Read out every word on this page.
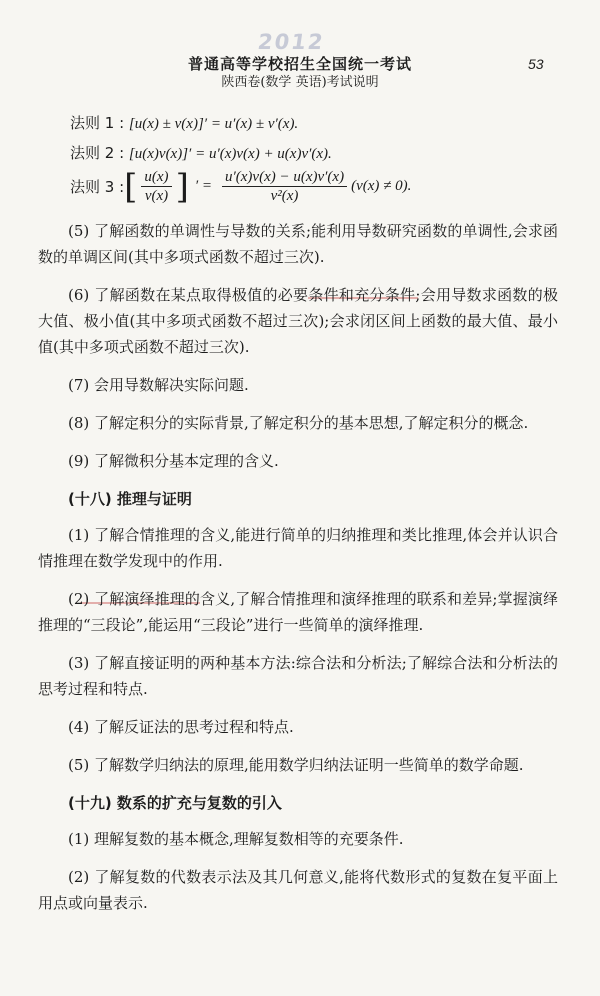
2012
普通高等学校招生全国统一考试
陕西卷(数学 英语)考试说明
53
法则 1 : [u(x) ± v(x)]′ = u′(x) ± v′(x).
法则 2 : [u(x)v(x)]′ = u′(x)v(x) + u(x)v′(x).
法则 3 : [ $\frac{u(x)}{v(x)}$ ] ′ = $\frac{u'(x)v(x) - u(x)v'(x)}{\text{v²(x)}} (v(x) \ne 0)$.

(5) 了解函数的单调性与导数的关系;能利用导数研究函数的单调性,会求函数的单调区间(其中多项式函数不超过三次).

(6) 了解函数在某点取得极值的必要条件和充分条件;会用导数求函数的极大值、极小值(其中多项式函数不超过三次);会求闭区间上函数的最大值、最小值(其中多项式函数不超过三次).

(7) 会用导数解决实际问题.

(8) 了解定积分的实际背景,了解定积分的基本思想,了解定积分的概念.

(9) 了解微积分基本定理的含义.

(十八) 推理与证明

(1) 了解合情推理的含义,能进行简单的归纳推理和类比推理,体会并认识合情推理在数学发现中的作用.

(2) 了解演绎推理的含义,了解合情推理和演绎推理的联系和差异;掌握演绎推理的“三段论”,能运用“三段论”进行一些简单的演绎推理.

(3) 了解直接证明的两种基本方法:综合法和分析法;了解综合法和分析法的思考过程和特点.

(4) 了解反证法的思考过程和特点.

(5) 了解数学归纳法的原理,能用数学归纳法证明一些简单的数学命题.

(十九) 数系的扩充与复数的引入

(1) 理解复数的基本概念,理解复数相等的充要条件.

(2) 了解复数的代数表示法及其几何意义,能将代数形式的复数在复平面上用点或向量表示.
